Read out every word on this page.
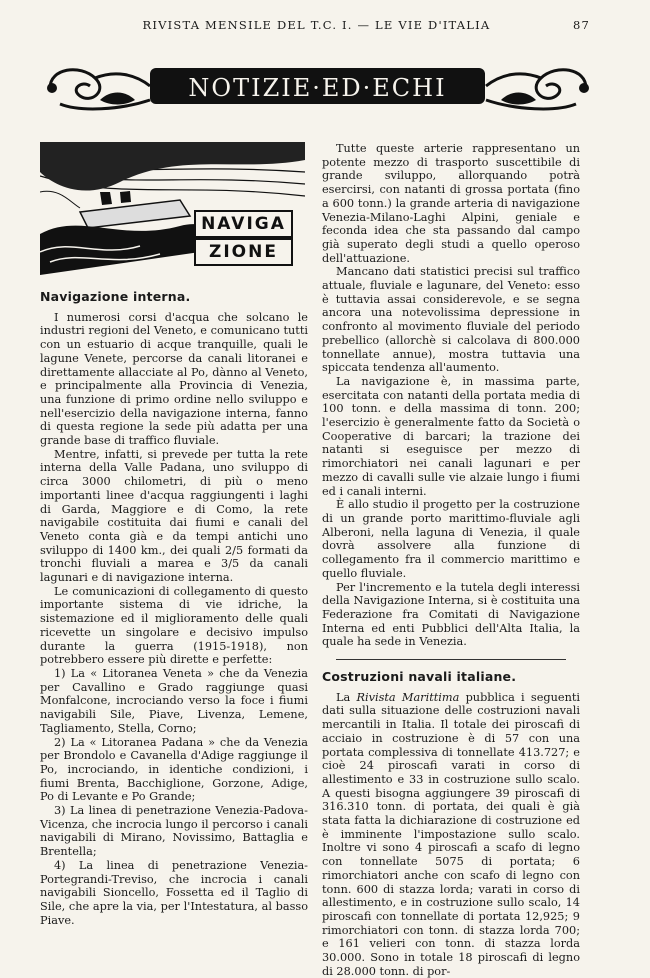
RIVISTA MENSILE DEL T.C. I. — LE VIE D'ITALIA	87
NOTIZIE·ED·ECHI
NAVIGA
ZIONE
Navigazione interna.

I numerosi corsi d'acqua che solcano le industri regioni del Veneto, e comunicano tutti con un estuario di acque tranquille, quali le lagune Venete, percorse da canali litoranei e direttamente allacciate al Po, dànno al Veneto, e principalmente alla Provincia di Venezia, una funzione di primo ordine nello sviluppo e nell'esercizio della navigazione interna, fanno di questa regione la sede più adatta per una grande base di traffico fluviale.

Mentre, infatti, si prevede per tutta la rete interna della Valle Padana, uno sviluppo di circa 3000 chilometri, di più o meno importanti linee d'acqua raggiungenti i laghi di Garda, Maggiore e di Como, la rete navigabile costituita dai fiumi e canali del Veneto conta già e da tempi antichi uno sviluppo di 1400 km., dei quali 2/5 formati da tronchi fluviali a marea e 3/5 da canali lagunari e di navigazione interna.

Le comunicazioni di collegamento di questo importante sistema di vie idriche, la sistemazione ed il miglioramento delle quali ricevette un singolare e decisivo impulso durante la guerra (1915-1918), non potrebbero essere più dirette e perfette:

1) La « Litoranea Veneta » che da Venezia per Cavallino e Grado raggiunge quasi Monfalcone, incrociando verso la foce i fiumi navigabili Sile, Piave, Livenza, Lemene, Tagliamento, Stella, Corno;

2) La « Litoranea Padana » che da Venezia per Brondolo e Cavanella d'Adige raggiunge il Po, incrociando, in identiche condizioni, i fiumi Brenta, Bacchiglione, Gorzone, Adige, Po di Levante e Po Grande;

3) La linea di penetrazione Venezia-Padova-Vicenza, che incrocia lungo il percorso i canali navigabili di Mirano, Novissimo, Battaglia e Brentella;

4) La linea di penetrazione Venezia-Portegrandi-Treviso, che incrocia i canali navigabili Sioncello, Fossetta ed il Taglio di Sile, che apre la via, per l'Intestatura, al basso Piave.

Tutte queste arterie rappresentano un potente mezzo di trasporto suscettibile di grande sviluppo, allorquando potrà esercirsi, con natanti di grossa portata (fino a 600 tonn.) la grande arteria di navigazione Venezia-Milano-Laghi Alpini, geniale e feconda idea che sta passando dal campo già superato degli studi a quello operoso dell'attuazione.

Mancano dati statistici precisi sul traffico attuale, fluviale e lagunare, del Veneto: esso è tuttavia assai considerevole, e se segna ancora una notevolissima depressione in confronto al movimento fluviale del periodo prebellico (allorchè si calcolava di 800.000 tonnellate annue), mostra tuttavia una spiccata tendenza all'aumento.

La navigazione è, in massima parte, esercitata con natanti della portata media di 100 tonn. e della massima di tonn. 200; l'esercizio è generalmente fatto da Società o Cooperative di barcari; la trazione dei natanti si eseguisce per mezzo di rimorchiatori nei canali lagunari e per mezzo di cavalli sulle vie alzaie lungo i fiumi ed i canali interni.

È allo studio il progetto per la costruzione di un grande porto marittimo-fluviale agli Alberoni, nella laguna di Venezia, il quale dovrà assolvere alla funzione di collegamento fra il commercio marittimo e quello fluviale.

Per l'incremento e la tutela degli interessi della Navigazione Interna, si è costituita una Federazione fra Comitati di Navigazione Interna ed enti Pubblici dell'Alta Italia, la quale ha sede in Venezia.

Costruzioni navali italiane.

La Rivista Marittima pubblica i seguenti dati sulla situazione delle costruzioni navali mercantili in Italia. Il totale dei piroscafi di acciaio in costruzione è di 57 con una portata complessiva di tonnellate 413.727; e cioè 24 piroscafi varati in corso di allestimento e 33 in costruzione sullo scalo. A questi bisogna aggiungere 39 piroscafi di 316.310 tonn. di portata, dei quali è già stata fatta la dichiarazione di costruzione ed è imminente l'impostazione sullo scalo. Inoltre vi sono 4 piroscafi a scafo di legno con tonnellate 5075 di portata; 6 rimorchiatori anche con scafo di legno con tonn. 600 di stazza lorda; varati in corso di allestimento, e in costruzione sullo scalo, 14 piroscafi con tonnellate di portata 12,925; 9 rimorchiatori con tonn. di stazza lorda 700; e 161 velieri con tonn. di stazza lorda 30.000. Sono in totale 18 piroscafi di legno di 28.000 tonn. di por-
